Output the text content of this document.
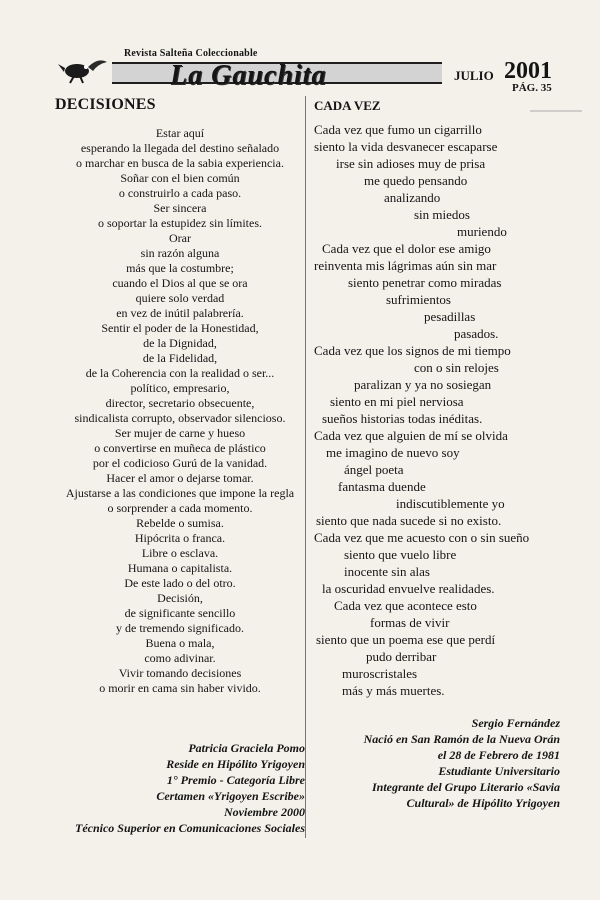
Revista Salteña Coleccionable
La Gauchita	JULIO 2001
PÁG. 35
DECISIONES	CADA VEZ
Estar aquí
esperando la llegada del destino señalado
o marchar en busca de la sabia experiencia.
Soñar con el bien común
o construirlo a cada paso.
Ser sincera
o soportar la estupidez sin límites.
Orar
sin razón alguna
más que la costumbre;
cuando el Dios al que se ora
quiere solo verdad
en vez de inútil palabrería.
Sentir el poder de la Honestidad,
de la Dignidad,
de la Fidelidad,
de la Coherencia con la realidad o ser...
político, empresario,
director, secretario obsecuente,
sindicalista corrupto, observador silencioso.
Ser mujer de carne y hueso
o convertirse en muñeca de plástico
por el codicioso Gurú de la vanidad.
Hacer el amor o dejarse tomar.
Ajustarse a las condiciones que impone la regla
o sorprender a cada momento.
Rebelde o sumisa.
Hipócrita o franca.
Libre o esclava.
Humana o capitalista.
De este lado o del otro.
Decisión,
de significante sencillo
y de tremendo significado.
Buena o mala,
como adivinar.
Vivir tomando decisiones
o morir en cama sin haber vivido.
Patricia Graciela Pomo
Reside en Hipólito Yrigoyen
1° Premio - Categoría Libre
Certamen «Yrigoyen Escribe»
Noviembre 2000
Técnico Superior en Comunicaciones Sociales
Cada vez que fumo un cigarrillo
siento la vida desvanecer escaparse
irse sin adioses muy de prisa
me quedo pensando
analizando
sin miedos
muriendo
Cada vez que el dolor ese amigo
reinventa mis lágrimas aún sin mar
siento penetrar como miradas
sufrimientos
pesadillas
pasados.
Cada vez que los signos de mi tiempo
con o sin relojes
paralizan y ya no sosiegan
siento en mi piel nerviosa
sueños historias todas inéditas.
Cada vez que alguien de mí se olvida
me imagino de nuevo soy
ángel poeta
fantasma duende
indiscutiblemente yo
siento que nada sucede si no existo.
Cada vez que me acuesto con o sin sueño
siento que vuelo libre
inocente sin alas
la oscuridad envuelve realidades.
Cada vez que acontece esto
formas de vivir
siento que un poema ese que perdí
pudo derribar
muroscristales
más y más muertes.
Sergio Fernández
Nació en San Ramón de la Nueva Orán
el 28 de Febrero de 1981
Estudiante Universitario
Integrante del Grupo Literario «Savia
Cultural» de Hipólito Yrigoyen
